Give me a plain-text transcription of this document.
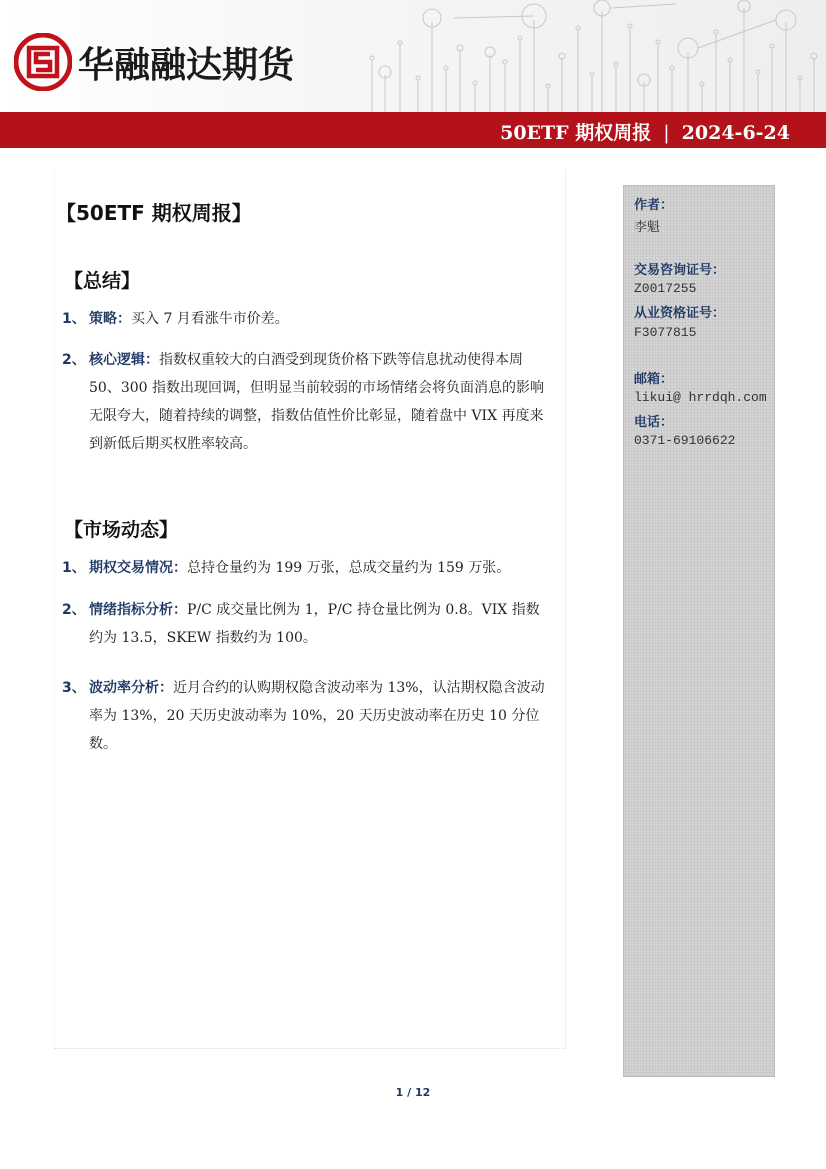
华融融达期货
50ETF 期权周报 | 2024-6-24
【50ETF 期权周报】
【总结】
1、 策略：买入 7 月看涨牛市价差。
2、 核心逻辑：指数权重较大的白酒受到现货价格下跌等信息扰动使得本周 50、300 指数出现回调，但明显当前较弱的市场情绪会将负面消息的影响无限夸大，随着持续的调整，指数估值性价比彰显，随着盘中 VIX 再度来到新低后期买权胜率较高。
【市场动态】
1、 期权交易情况：总持仓量约为 199 万张，总成交量约为 159 万张。
2、 情绪指标分析：P/C 成交量比例为 1，P/C 持仓量比例为 0.8。VIX 指数约为 13.5，SKEW 指数约为 100。
3、 波动率分析：近月合约的认购期权隐含波动率为 13%，认沽期权隐含波动率为 13%，20 天历史波动率为 10%，20 天历史波动率在历史 10 分位数。
作者：
李魁
交易咨询证号：
Z0017255
从业资格证号：
F3077815
邮箱：
likui@ hrrdqh.com
电话：
0371-69106622
1 / 12
